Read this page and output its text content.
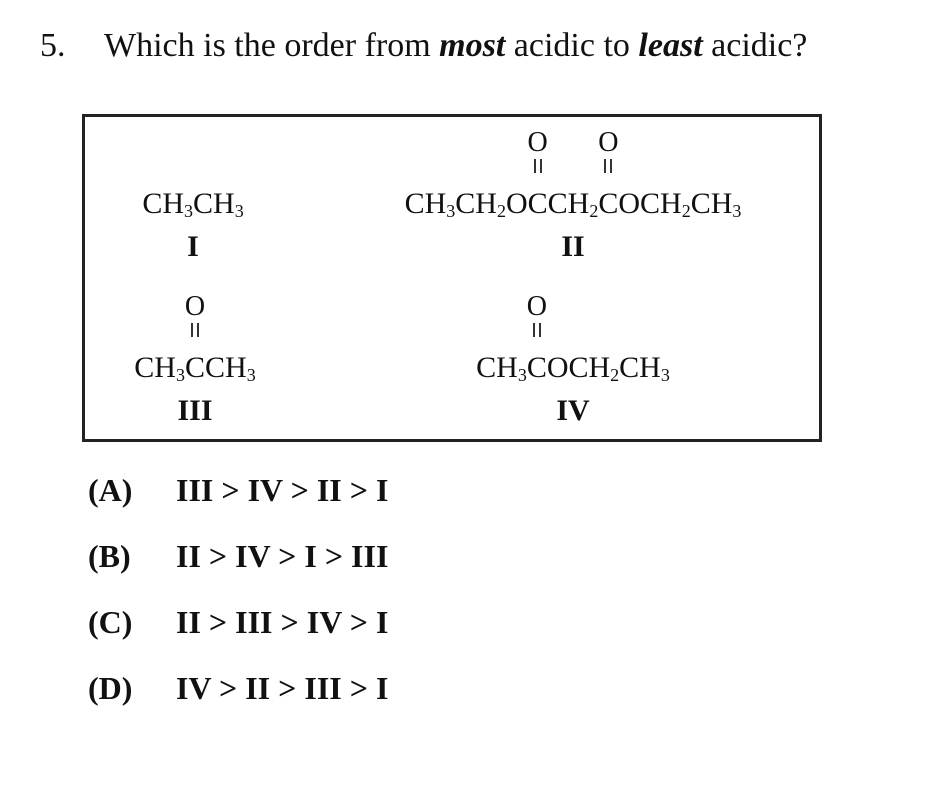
5. Which is the order from most acidic to least acidic?
$CH_3CH_3$
I
$CH_3CH_2O$
O
$CCH_2$
O
$COCH_2CH_3$
II
$CH_3$
O
$CCH_3$
III
$CH_3$
O
$COCH_2CH_3$
IV
(A) III > IV > II > I
(B) II > IV > I > III
(C) II > III > IV > I
(D) IV > II > III > I
